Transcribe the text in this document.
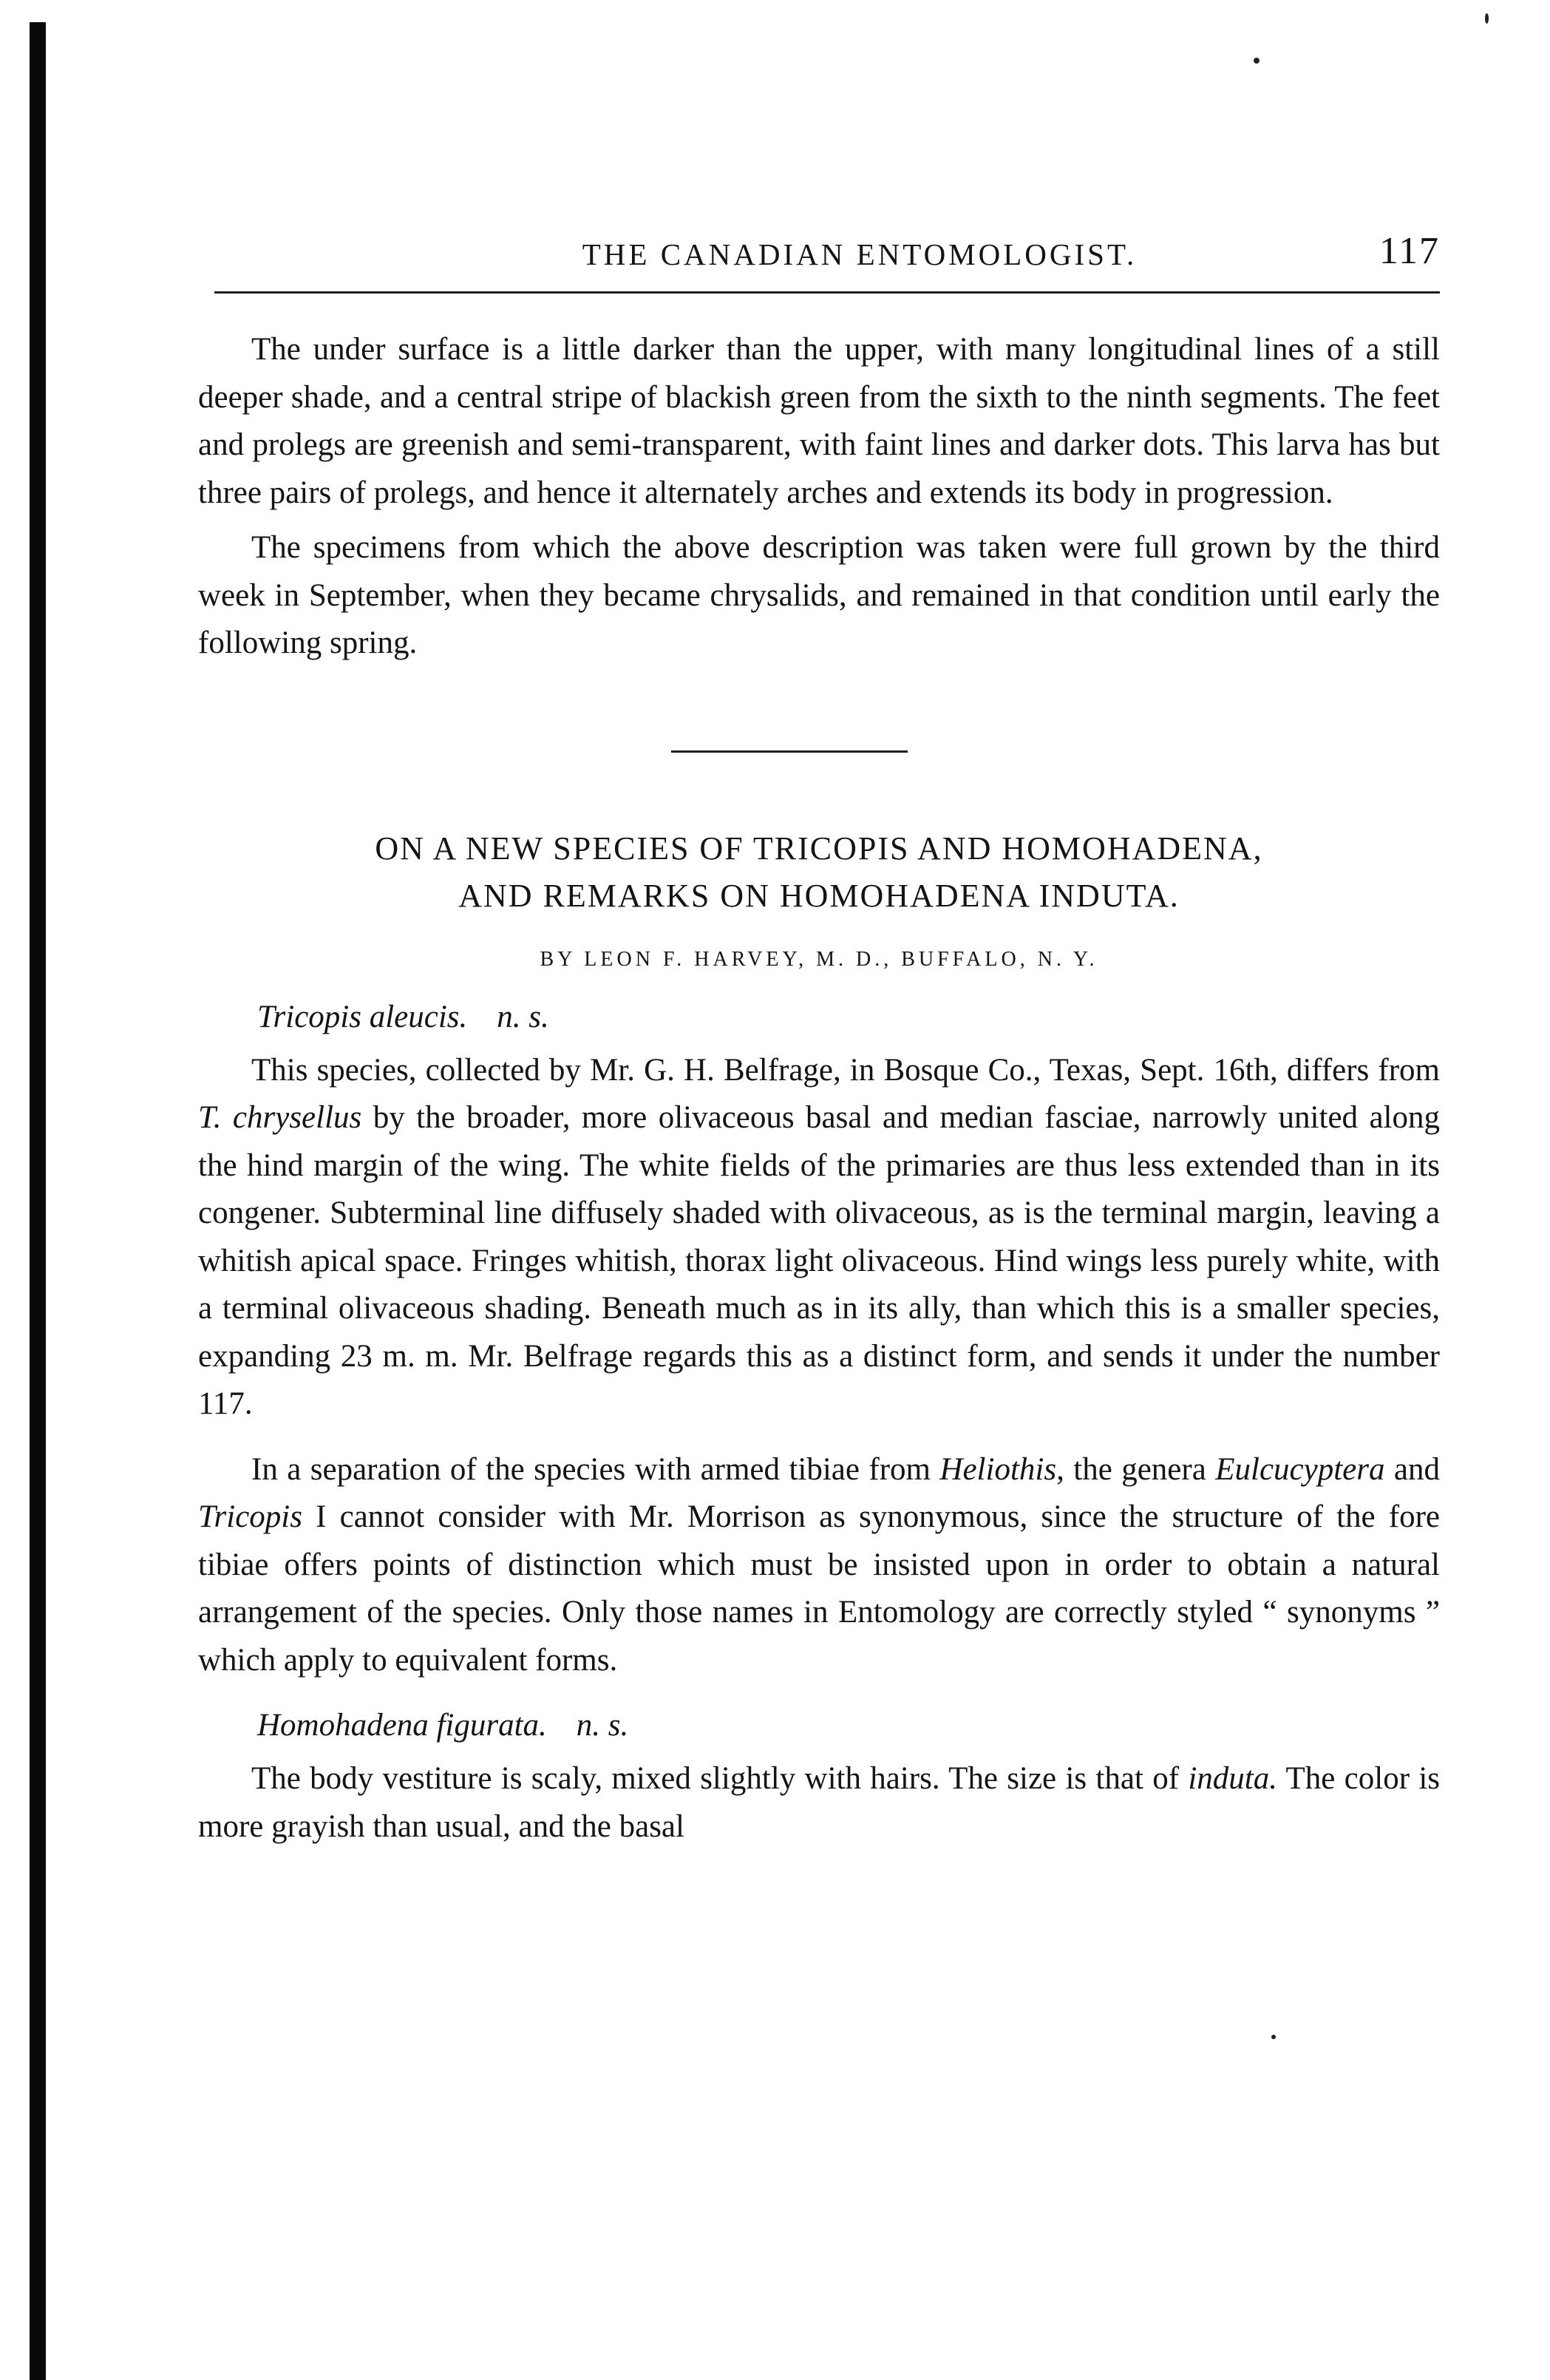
THE CANADIAN ENTOMOLOGIST.	117

The under surface is a little darker than the upper, with many longitudinal lines of a still deeper shade, and a central stripe of blackish green from the sixth to the ninth segments. The feet and prolegs are greenish and semi-transparent, with faint lines and darker dots. This larva has but three pairs of prolegs, and hence it alternately arches and extends its body in progression.

The specimens from which the above description was taken were full grown by the third week in September, when they became chrysalids, and remained in that condition until early the following spring.

ON A NEW SPECIES OF TRICOPIS AND HOMOHADENA,
AND REMARKS ON HOMOHADENA INDUTA.
BY LEON F. HARVEY, M. D., BUFFALO, N. Y.
Tricopis aleucis. n. s.

This species, collected by Mr. G. H. Belfrage, in Bosque Co., Texas, Sept. 16th, differs from T. chrysellus by the broader, more olivaceous basal and median fasciae, narrowly united along the hind margin of the wing. The white fields of the primaries are thus less extended than in its congener. Subterminal line diffusely shaded with olivaceous, as is the terminal margin, leaving a whitish apical space. Fringes whitish, thorax light olivaceous. Hind wings less purely white, with a terminal olivaceous shading. Beneath much as in its ally, than which this is a smaller species, expanding 23 m. m. Mr. Belfrage regards this as a distinct form, and sends it under the number 117.

In a separation of the species with armed tibiae from Heliothis, the genera Eulcucyptera and Tricopis I cannot consider with Mr. Morrison as synonymous, since the structure of the fore tibiae offers points of distinction which must be insisted upon in order to obtain a natural arrangement of the species. Only those names in Entomology are correctly styled “ synonyms ” which apply to equivalent forms.

Homohadena figurata. n. s.

The body vestiture is scaly, mixed slightly with hairs. The size is that of induta. The color is more grayish than usual, and the basal
